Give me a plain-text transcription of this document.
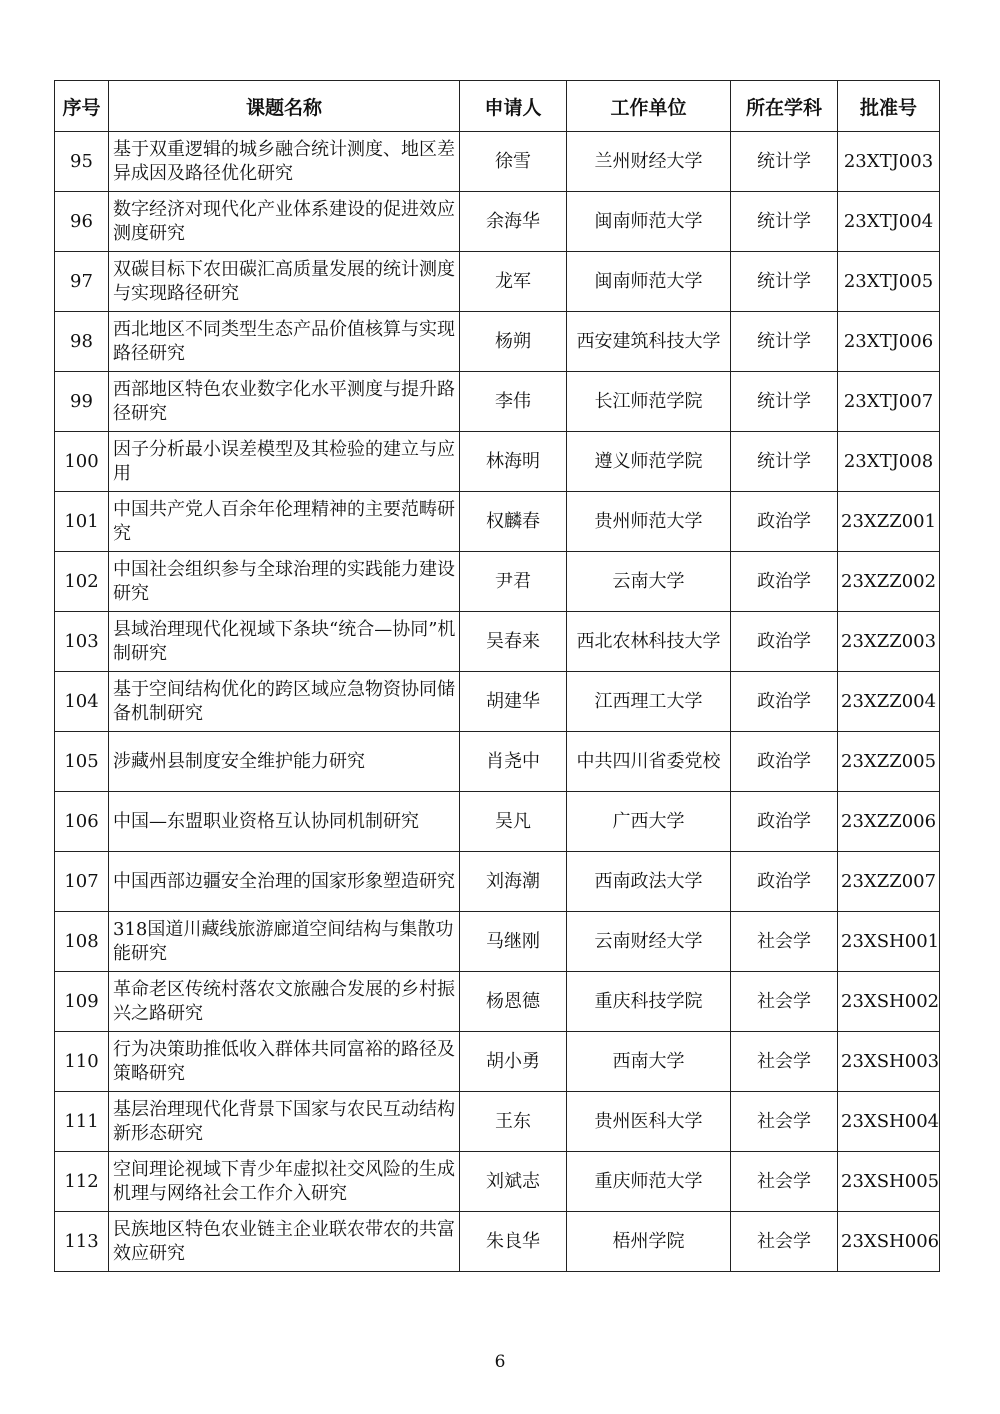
序号	课题名称	申请人	工作单位	所在学科	批准号
95	基于双重逻辑的城乡融合统计测度、地区差异成因及路径优化研究	徐雪	兰州财经大学	统计学	23XTJ003
96	数字经济对现代化产业体系建设的促进效应测度研究	余海华	闽南师范大学	统计学	23XTJ004
97	双碳目标下农田碳汇高质量发展的统计测度与实现路径研究	龙军	闽南师范大学	统计学	23XTJ005
98	西北地区不同类型生态产品价值核算与实现路径研究	杨朔	西安建筑科技大学	统计学	23XTJ006
99	西部地区特色农业数字化水平测度与提升路径研究	李伟	长江师范学院	统计学	23XTJ007
100	因子分析最小误差模型及其检验的建立与应用	林海明	遵义师范学院	统计学	23XTJ008
101	中国共产党人百余年伦理精神的主要范畴研究	权麟春	贵州师范大学	政治学	23XZZ001
102	中国社会组织参与全球治理的实践能力建设研究	尹君	云南大学	政治学	23XZZ002
103	县域治理现代化视域下条块“统合—协同”机制研究	吴春来	西北农林科技大学	政治学	23XZZ003
104	基于空间结构优化的跨区域应急物资协同储备机制研究	胡建华	江西理工大学	政治学	23XZZ004
105	涉藏州县制度安全维护能力研究	肖尧中	中共四川省委党校	政治学	23XZZ005
106	中国—东盟职业资格互认协同机制研究	吴凡	广西大学	政治学	23XZZ006
107	中国西部边疆安全治理的国家形象塑造研究	刘海潮	西南政法大学	政治学	23XZZ007
108	318国道川藏线旅游廊道空间结构与集散功能研究	马继刚	云南财经大学	社会学	23XSH001
109	革命老区传统村落农文旅融合发展的乡村振兴之路研究	杨恩德	重庆科技学院	社会学	23XSH002
110	行为决策助推低收入群体共同富裕的路径及策略研究	胡小勇	西南大学	社会学	23XSH003
111	基层治理现代化背景下国家与农民互动结构新形态研究	王东	贵州医科大学	社会学	23XSH004
112	空间理论视域下青少年虚拟社交风险的生成机理与网络社会工作介入研究	刘斌志	重庆师范大学	社会学	23XSH005
113	民族地区特色农业链主企业联农带农的共富效应研究	朱良华	梧州学院	社会学	23XSH006
6
